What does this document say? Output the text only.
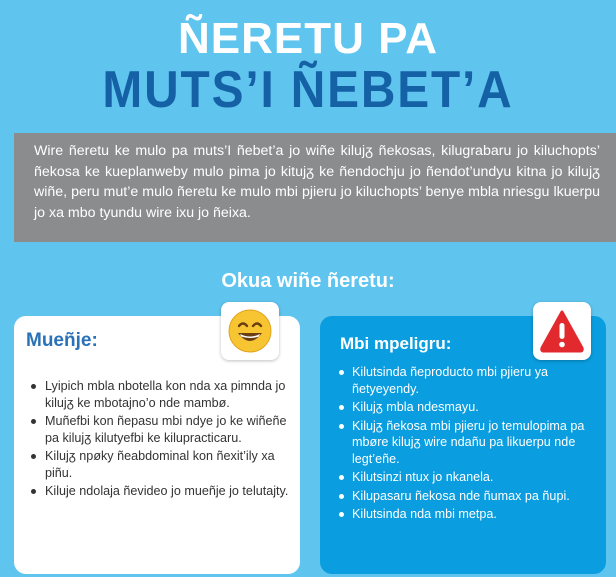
ÑERETU PA
MUTS’I ÑEBET’A
Wire ñeretu ke mulo pa muts’I ñebet’a jo wiñe kilujᵹ ñekosas, kilugrabaru jo kiluchopts’ ñekosa ke kueplanweby mulo pima jo kitujᵹ ke ñendochju jo ñendot’undyu kitna jo kilujᵹ wiñe, peru mut’e mulo ñeretu ke mulo mbi pjieru jo kiluchopts’ benye mbla nriesgu lkuerpu jo xa mbo tyundu wire ixu jo ñeixa.
Okua wiñe ñeretu:
Mueñje:
Lyipich mbla nbotella kon nda xa pimnda jo kilujᵹ ke mbotajno’o nde mambø.
Muñefbi kon ñepasu mbi ndye jo ke wiñeñe pa kilujᵹ kilutyefbi ke kilupracticaru.
Kilujᵹ npøky ñeabdominal kon ñexit’ily xa piñu.
Kiluje ndolaja ñevideo jo mueñje jo telutajty.
Mbi mpeligru:
Kilutsinda ñeproducto mbi pjieru ya ñetyeyendy.
Kilujᵹ mbla ndesmayu.
Kilujᵹ ñekosa mbi pjieru jo temulopima pa mbøre kilujᵹ wire ndañu pa likuerpu nde legt’eñe.
Kilutsinzi ntux jo nkanela.
Kilupasaru ñekosa nde ñumax pa ñupi.
Kilutsinda nda mbi metpa.
